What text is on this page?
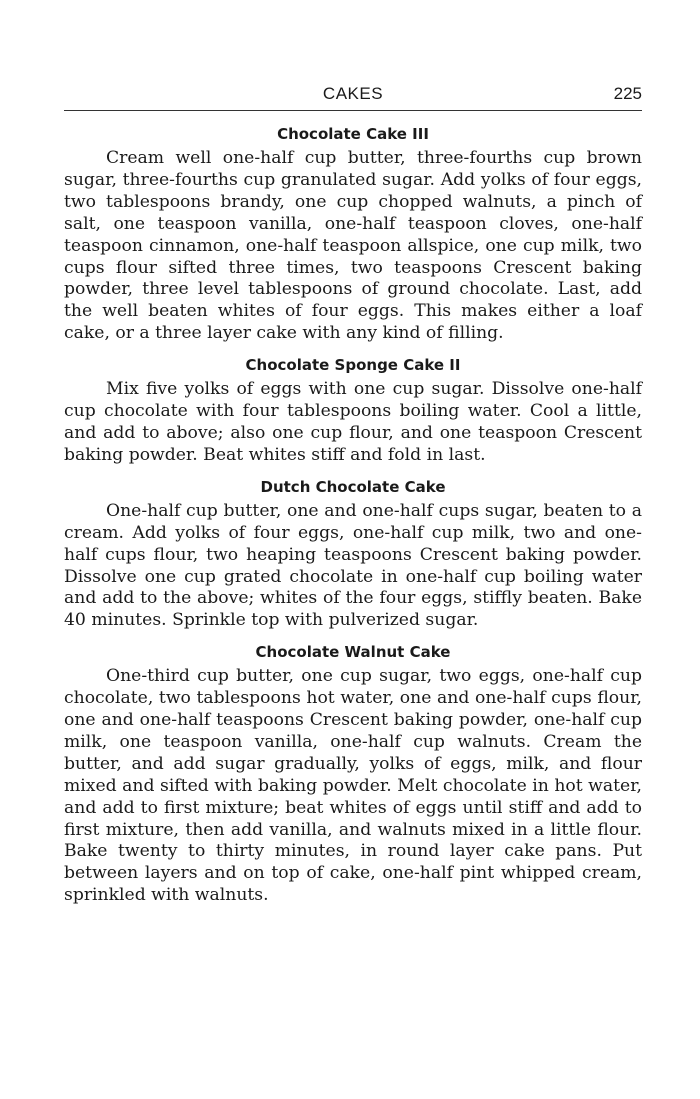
CAKES	225
Chocolate Cake III

Cream well one-half cup butter, three-fourths cup brown sugar, three-fourths cup granulated sugar. Add yolks of four eggs, two tablespoons brandy, one cup chopped walnuts, a pinch of salt, one teaspoon vanilla, one-half teaspoon cloves, one-half teaspoon cinnamon, one-half teaspoon allspice, one cup milk, two cups flour sifted three times, two teaspoons Crescent baking powder, three level tablespoons of ground chocolate. Last, add the well beaten whites of four eggs. This makes either a loaf cake, or a three layer cake with any kind of filling.

Chocolate Sponge Cake II

Mix five yolks of eggs with one cup sugar. Dissolve one-half cup chocolate with four tablespoons boiling water. Cool a little, and add to above; also one cup flour, and one teaspoon Crescent baking powder. Beat whites stiff and fold in last.

Dutch Chocolate Cake

One-half cup butter, one and one-half cups sugar, beaten to a cream. Add yolks of four eggs, one-half cup milk, two and one-half cups flour, two heaping teaspoons Crescent baking powder. Dissolve one cup grated chocolate in one-half cup boiling water and add to the above; whites of the four eggs, stiffly beaten. Bake 40 minutes. Sprinkle top with pulverized sugar.

Chocolate Walnut Cake

One-third cup butter, one cup sugar, two eggs, one-half cup chocolate, two tablespoons hot water, one and one-half cups flour, one and one-half teaspoons Crescent baking powder, one-half cup milk, one teaspoon vanilla, one-half cup walnuts. Cream the butter, and add sugar gradually, yolks of eggs, milk, and flour mixed and sifted with baking powder. Melt chocolate in hot water, and add to first mixture; beat whites of eggs until stiff and add to first mixture, then add vanilla, and walnuts mixed in a little flour. Bake twenty to thirty minutes, in round layer cake pans. Put between layers and on top of cake, one-half pint whipped cream, sprinkled with walnuts.
